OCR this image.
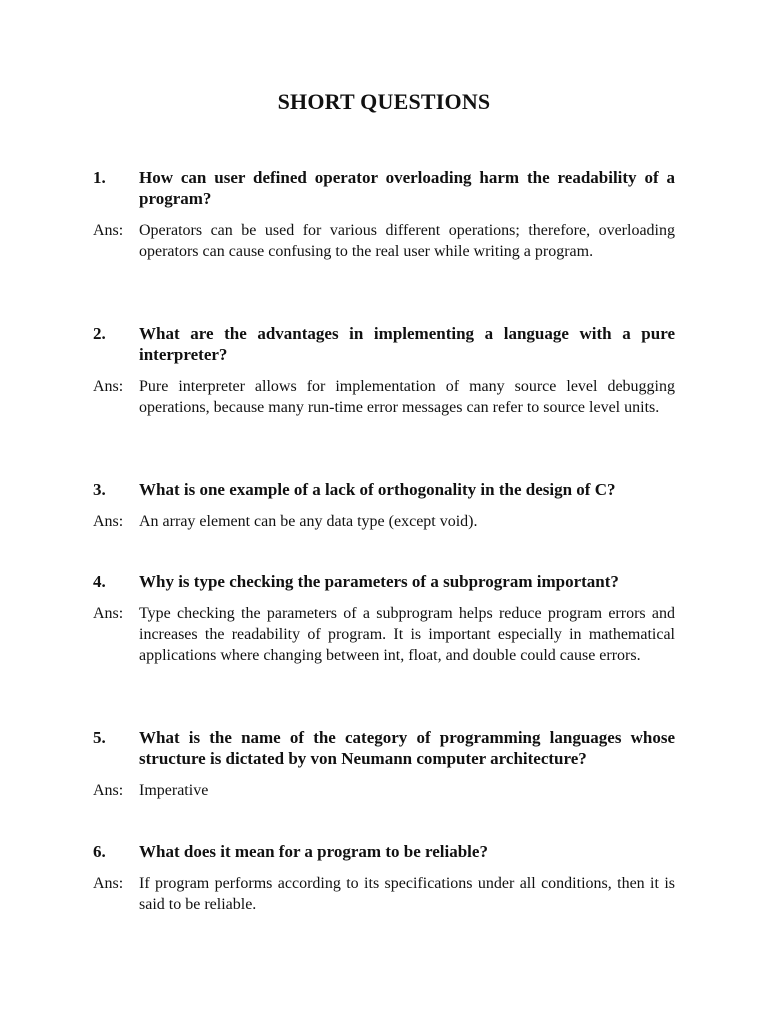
SHORT QUESTIONS
1.	How can user defined operator overloading harm the readability of a program?
Ans: Operators can be used for various different operations; therefore, overloading operators can cause confusing to the real user while writing a program.
2.	What are the advantages in implementing a language with a pure interpreter?
Ans: Pure interpreter allows for implementation of many source level debugging operations, because many run-time error messages can refer to source level units.
3.	What is one example of a lack of orthogonality in the design of C?
Ans: An array element can be any data type (except void).
4.	Why is type checking the parameters of a subprogram important?
Ans: Type checking the parameters of a subprogram helps reduce program errors and increases the readability of program. It is important especially in mathematical applications where changing between int, float, and double could cause errors.
5.	What is the name of the category of programming languages whose structure is dictated by von Neumann computer architecture?
Ans: Imperative
6.	What does it mean for a program to be reliable?
Ans: If program performs according to its specifications under all conditions, then it is said to be reliable.
